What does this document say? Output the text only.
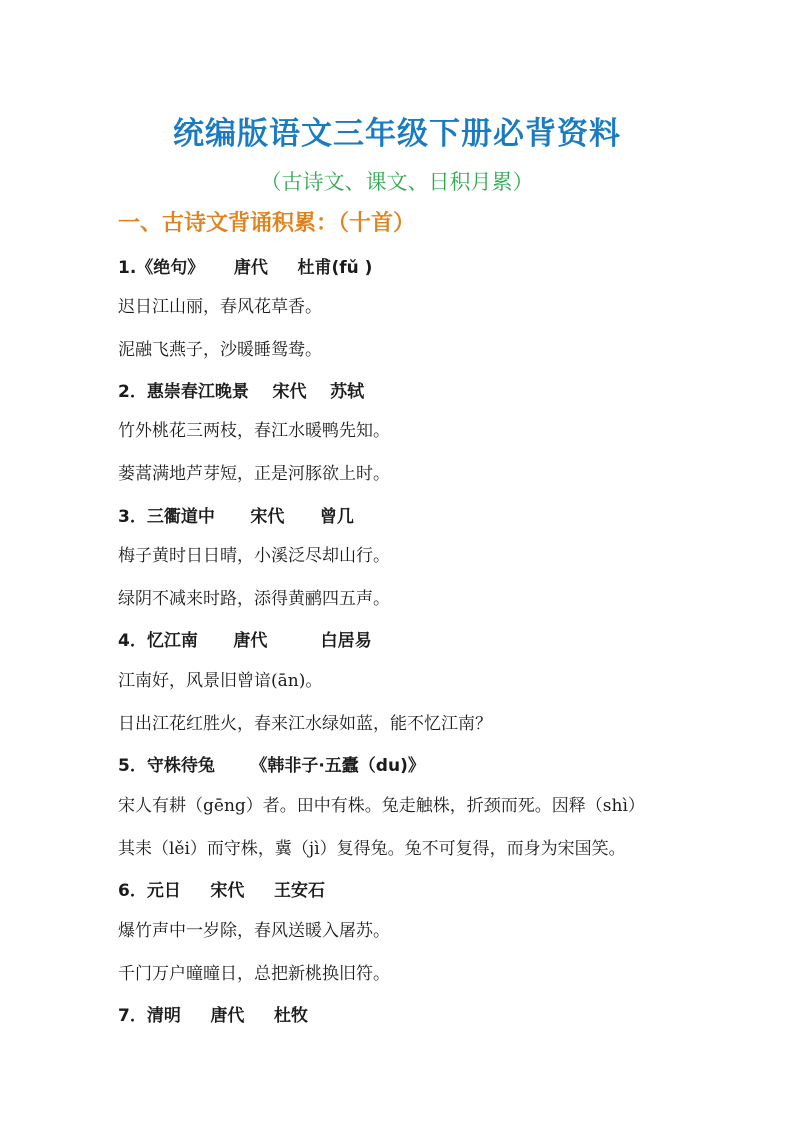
统编版语文三年级下册必背资料
（古诗文、课文、日积月累）
一、古诗文背诵积累：（十首）
1.《绝句》     唐代     杜甫(fǔ )
迟日江山丽，春风花草香。
泥融飞燕子，沙暖睡鸳鸯。
2．惠崇春江晚景    宋代    苏轼
竹外桃花三两枝，春江水暖鸭先知。
蒌蒿满地芦芽短，正是河豚欲上时。
3．三衢道中      宋代      曾几
梅子黄时日日晴，小溪泛尽却山行。
绿阴不减来时路，添得黄鹂四五声。
4．忆江南      唐代         白居易
江南好，风景旧曾谙(ān)。
日出江花红胜火，春来江水绿如蓝，能不忆江南？
5．守株待兔      《韩非子·五蠹（du)》
宋人有耕（gēng）者。田中有株。兔走触株，折颈而死。因释（shì）
其耒（lěi）而守株，冀（jì）复得兔。兔不可复得，而身为宋国笑。
6．元日     宋代     王安石
爆竹声中一岁除，春风送暖入屠苏。
千门万户曈曈日，总把新桃换旧符。
7．清明     唐代     杜牧
